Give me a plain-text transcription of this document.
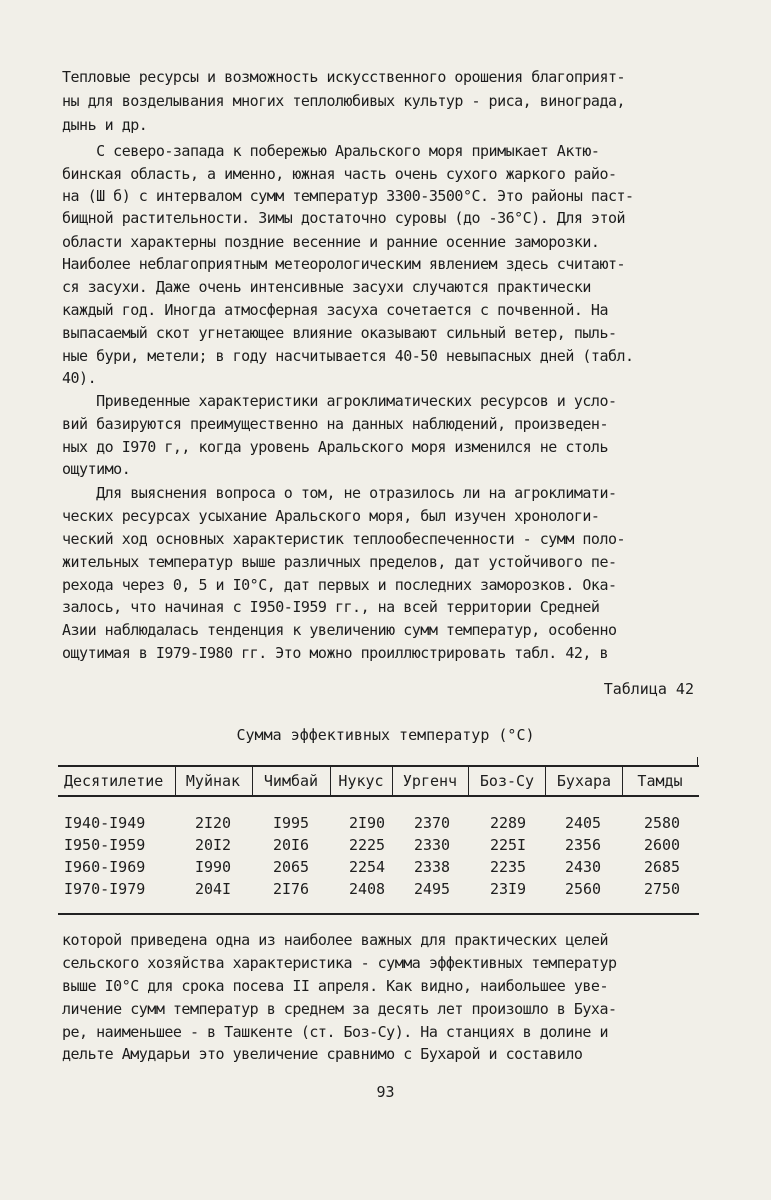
Тепловые ресурсы и возможность искусственного орошения благоприят-
ны для возделывания многих теплолюбивых культур - риса, винограда,
дынь и др.
С северо-запада к побережью Аральского моря примыкает Актю-
бинская область, а именно, южная часть очень сухого жаркого райо-
на (Ш б) с интервалом сумм температур 3300-3500°С. Это районы паст-
бищной растительности. Зимы достаточно суровы (до -36°С). Для этой
области характерны поздние весенние и ранние осенние заморозки.
Наиболее неблагоприятным метеорологическим явлением здесь считают-
ся засухи. Даже очень интенсивные засухи случаются практически
каждый год. Иногда атмосферная засуха сочетается с почвенной. На
выпасаемый скот угнетающее влияние оказывают сильный ветер, пыль-
ные бури, метели; в году насчитывается 40-50 невыпасных дней (табл.
40).
Приведенные характеристики агроклиматических ресурсов и усло-
вий базируются преимущественно на данных наблюдений, произведен-
ных до I970 г,, когда уровень Аральского моря изменился не столь
ощутимо.
Для выяснения вопроса о том, не отразилось ли на агроклимати-
ческих ресурсах усыхание Аральского моря, был изучен хронологи-
ческий ход основных характеристик теплообеспеченности - сумм поло-
жительных температур выше различных пределов, дат устойчивого пе-
рехода через 0, 5 и I0°С, дат первых и последних заморозков. Ока-
залось, что начиная с I950-I959 гг., на всей территории Средней
Азии наблюдалась тенденция к увеличению сумм температур, особенно
ощутимая в I979-I980 гг. Это можно проиллюстрировать табл. 42, в
Таблица 42
Сумма эффективных температур (°С)
Десятилетие Муйнак Чимбай Нукус Ургенч Боз-Су Бухара Тамды
I940-I949	2I20	I995	2I90 2370	2289	2405	2580
I950-I959	20I2	20I6	2225 2330	225I	2356	2600
I960-I969	I990	2065	2254 2338	2235	2430	2685
I970-I979	204I	2I76	2408 2495	23I9	2560	2750
которой приведена одна из наиболее важных для практических целей
сельского хозяйства характеристика - сумма эффективных температур
выше I0°С для срока посева II апреля. Как видно, наибольшее уве-
личение сумм температур в среднем за десять лет произошло в Буха-
ре, наименьшее - в Ташкенте (ст. Боз-Су). На станциях в долине и
дельте Амударьи это увеличение сравнимо с Бухарой и составило
93
